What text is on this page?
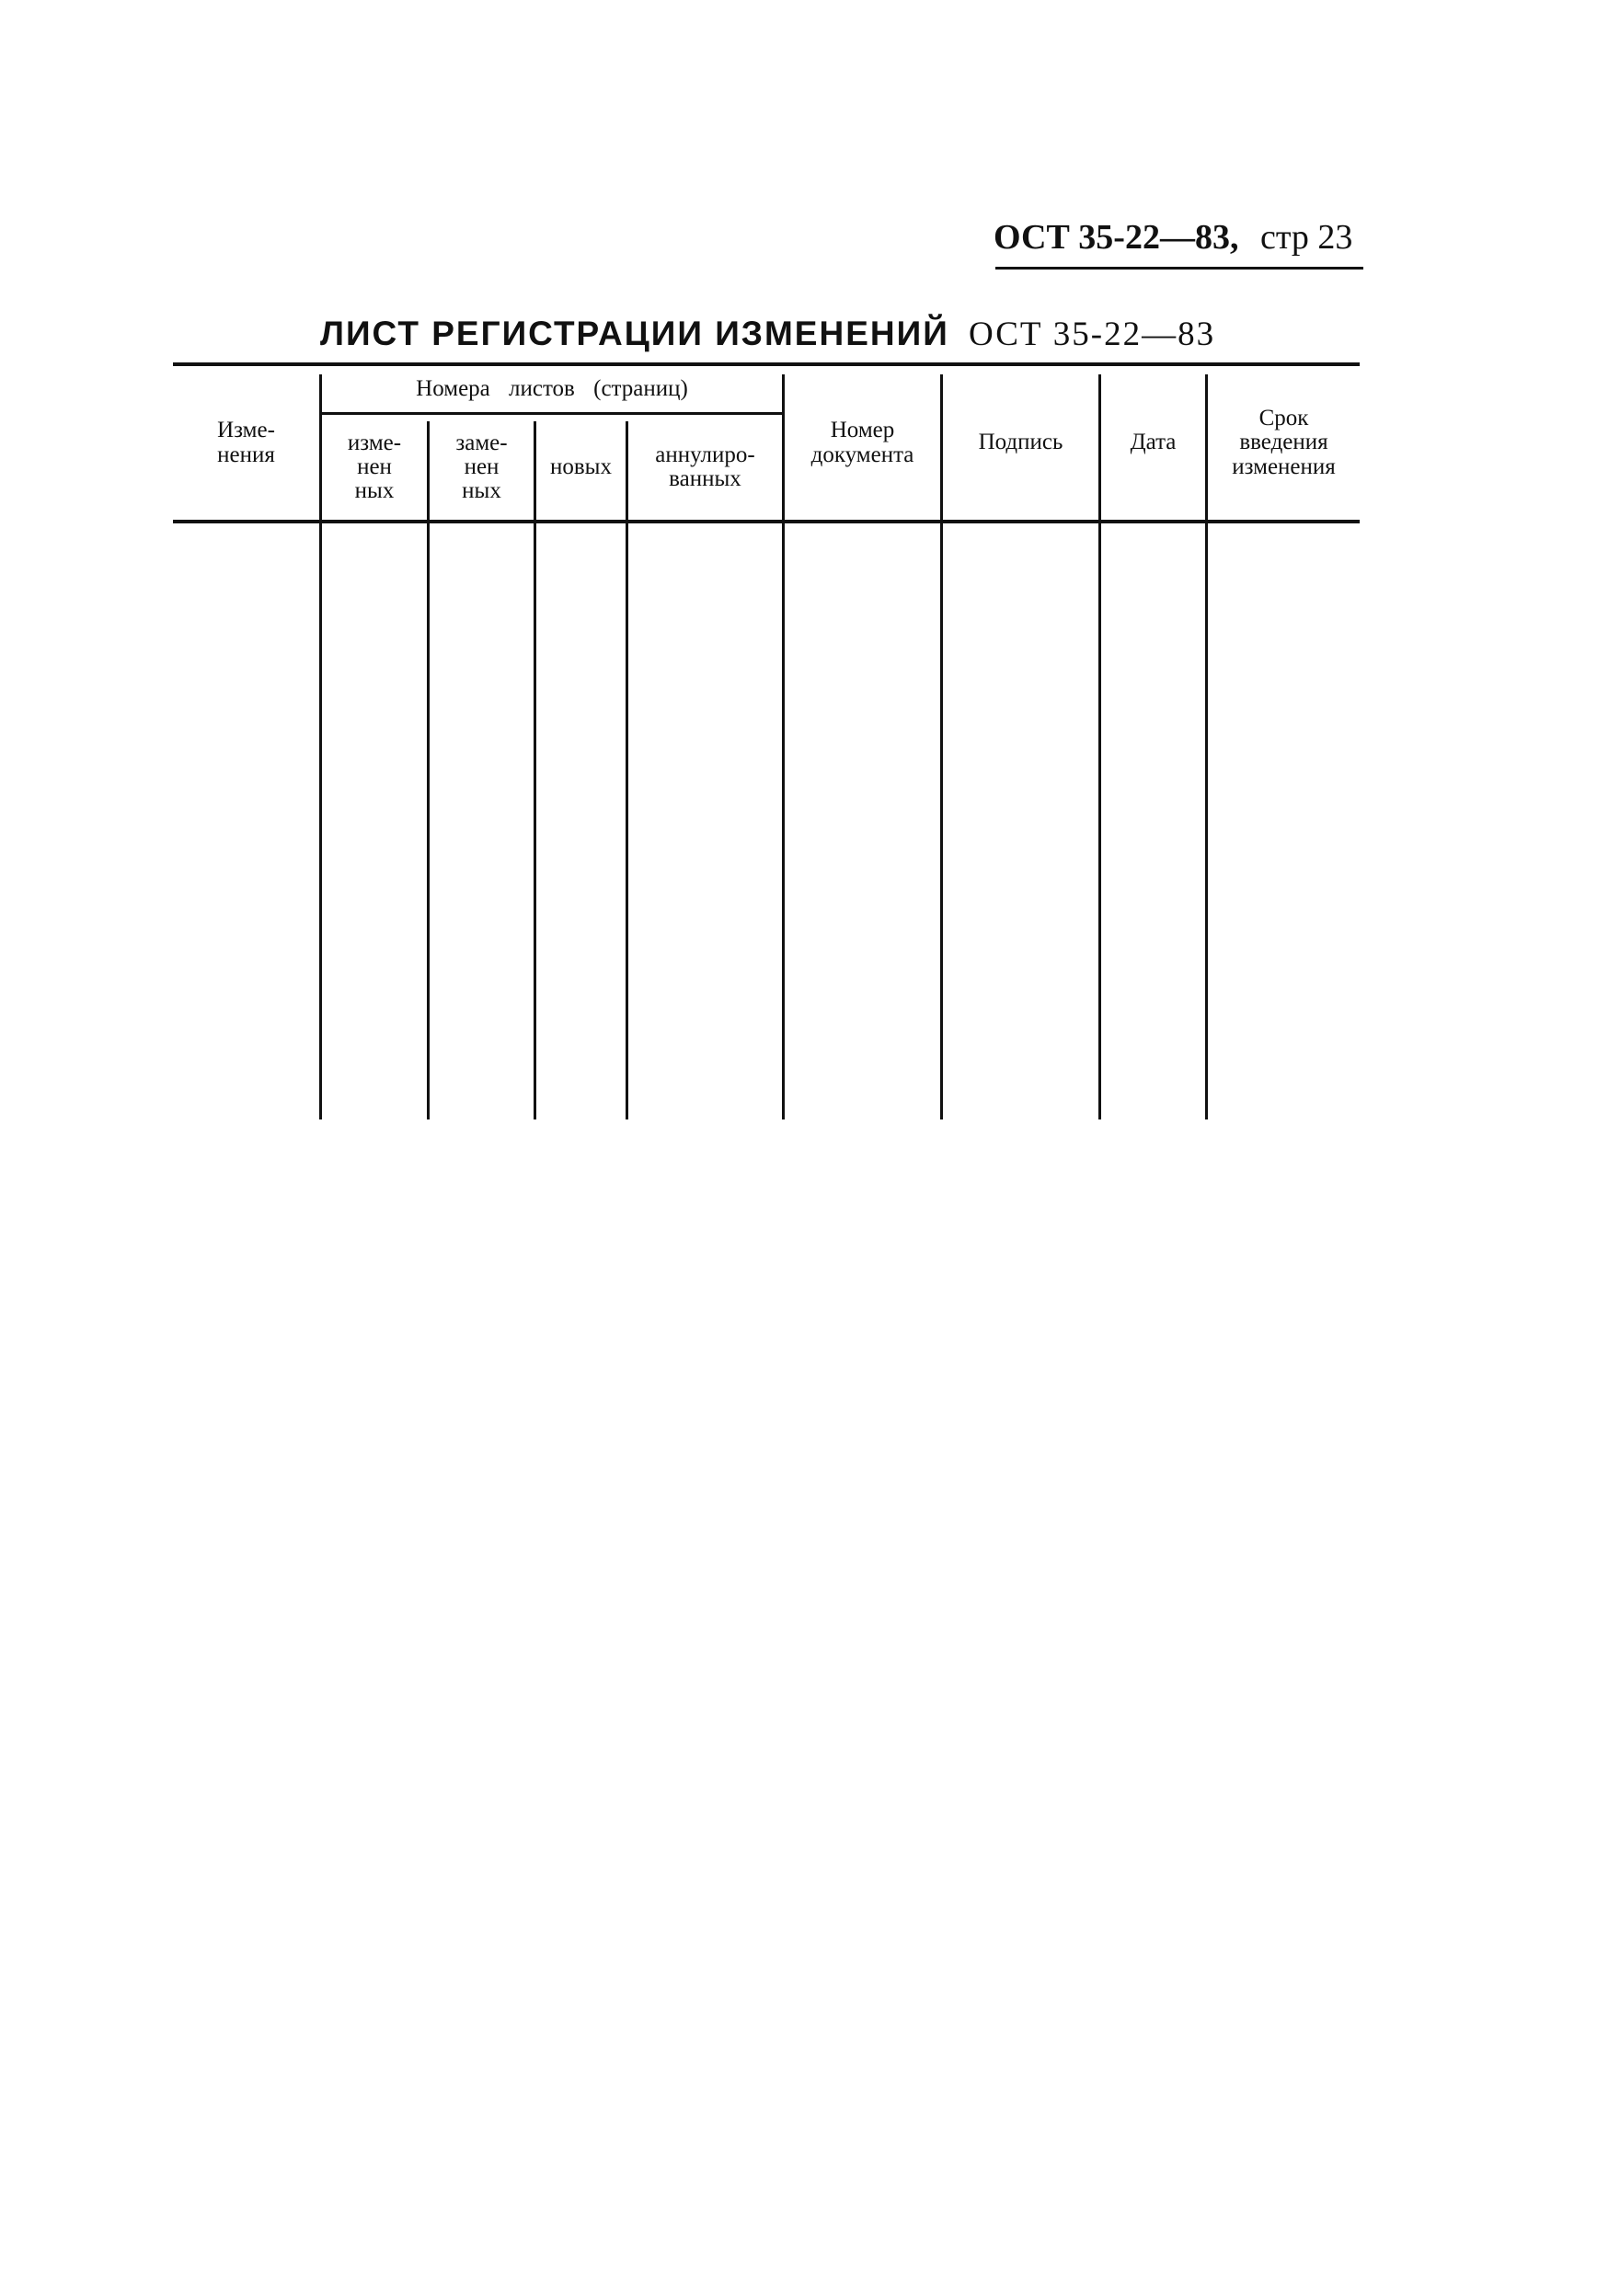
ОСТ 35-22—83, стр 23
ЛИСТ РЕГИСТРАЦИИ ИЗМЕНЕНИЙ ОСТ 35-22—83
Изме-
нения
Номера листов (страниц)
изме-
нен
ных
заме-
нен
ных
новых аннулиро-
ванных
Номер
документа	Подпись	Дата
Срок
введения
изменения
